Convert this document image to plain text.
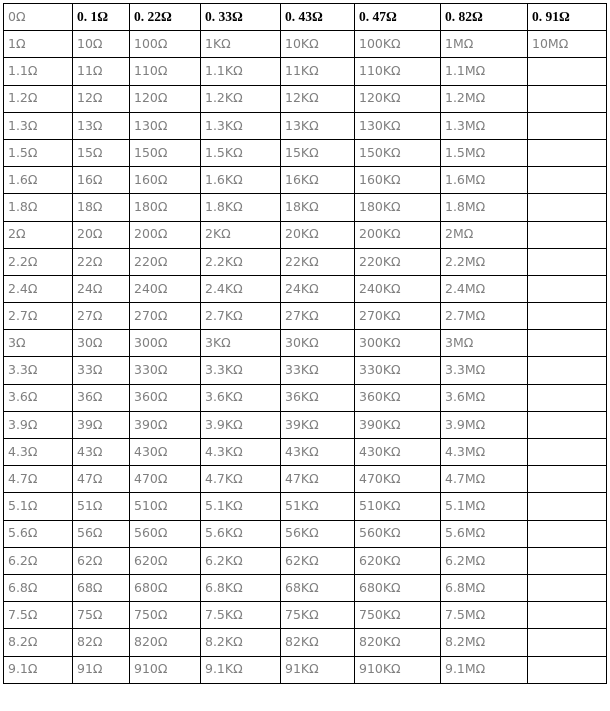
0Ω	0. 1Ω	0. 22Ω	0. 33Ω	0. 43Ω	0. 47Ω	0. 82Ω	0. 91Ω
1Ω	10Ω	100Ω	1KΩ	10KΩ	100KΩ	1MΩ	10MΩ
1.1Ω	11Ω	110Ω	1.1KΩ	11KΩ	110KΩ	1.1MΩ	
1.2Ω	12Ω	120Ω	1.2KΩ	12KΩ	120KΩ	1.2MΩ	
1.3Ω	13Ω	130Ω	1.3KΩ	13KΩ	130KΩ	1.3MΩ	
1.5Ω	15Ω	150Ω	1.5KΩ	15KΩ	150KΩ	1.5MΩ	
1.6Ω	16Ω	160Ω	1.6KΩ	16KΩ	160KΩ	1.6MΩ	
1.8Ω	18Ω	180Ω	1.8KΩ	18KΩ	180KΩ	1.8MΩ	
2Ω	20Ω	200Ω	2KΩ	20KΩ	200KΩ	2MΩ	
2.2Ω	22Ω	220Ω	2.2KΩ	22KΩ	220KΩ	2.2MΩ	
2.4Ω	24Ω	240Ω	2.4KΩ	24KΩ	240KΩ	2.4MΩ	
2.7Ω	27Ω	270Ω	2.7KΩ	27KΩ	270KΩ	2.7MΩ	
3Ω	30Ω	300Ω	3KΩ	30KΩ	300KΩ	3MΩ	
3.3Ω	33Ω	330Ω	3.3KΩ	33KΩ	330KΩ	3.3MΩ	
3.6Ω	36Ω	360Ω	3.6KΩ	36KΩ	360KΩ	3.6MΩ	
3.9Ω	39Ω	390Ω	3.9KΩ	39KΩ	390KΩ	3.9MΩ	
4.3Ω	43Ω	430Ω	4.3KΩ	43KΩ	430KΩ	4.3MΩ	
4.7Ω	47Ω	470Ω	4.7KΩ	47KΩ	470KΩ	4.7MΩ	
5.1Ω	51Ω	510Ω	5.1KΩ	51KΩ	510KΩ	5.1MΩ	
5.6Ω	56Ω	560Ω	5.6KΩ	56KΩ	560KΩ	5.6MΩ	
6.2Ω	62Ω	620Ω	6.2KΩ	62KΩ	620KΩ	6.2MΩ	
6.8Ω	68Ω	680Ω	6.8KΩ	68KΩ	680KΩ	6.8MΩ	
7.5Ω	75Ω	750Ω	7.5KΩ	75KΩ	750KΩ	7.5MΩ	
8.2Ω	82Ω	820Ω	8.2KΩ	82KΩ	820KΩ	8.2MΩ	
9.1Ω	91Ω	910Ω	9.1KΩ	91KΩ	910KΩ	9.1MΩ	
